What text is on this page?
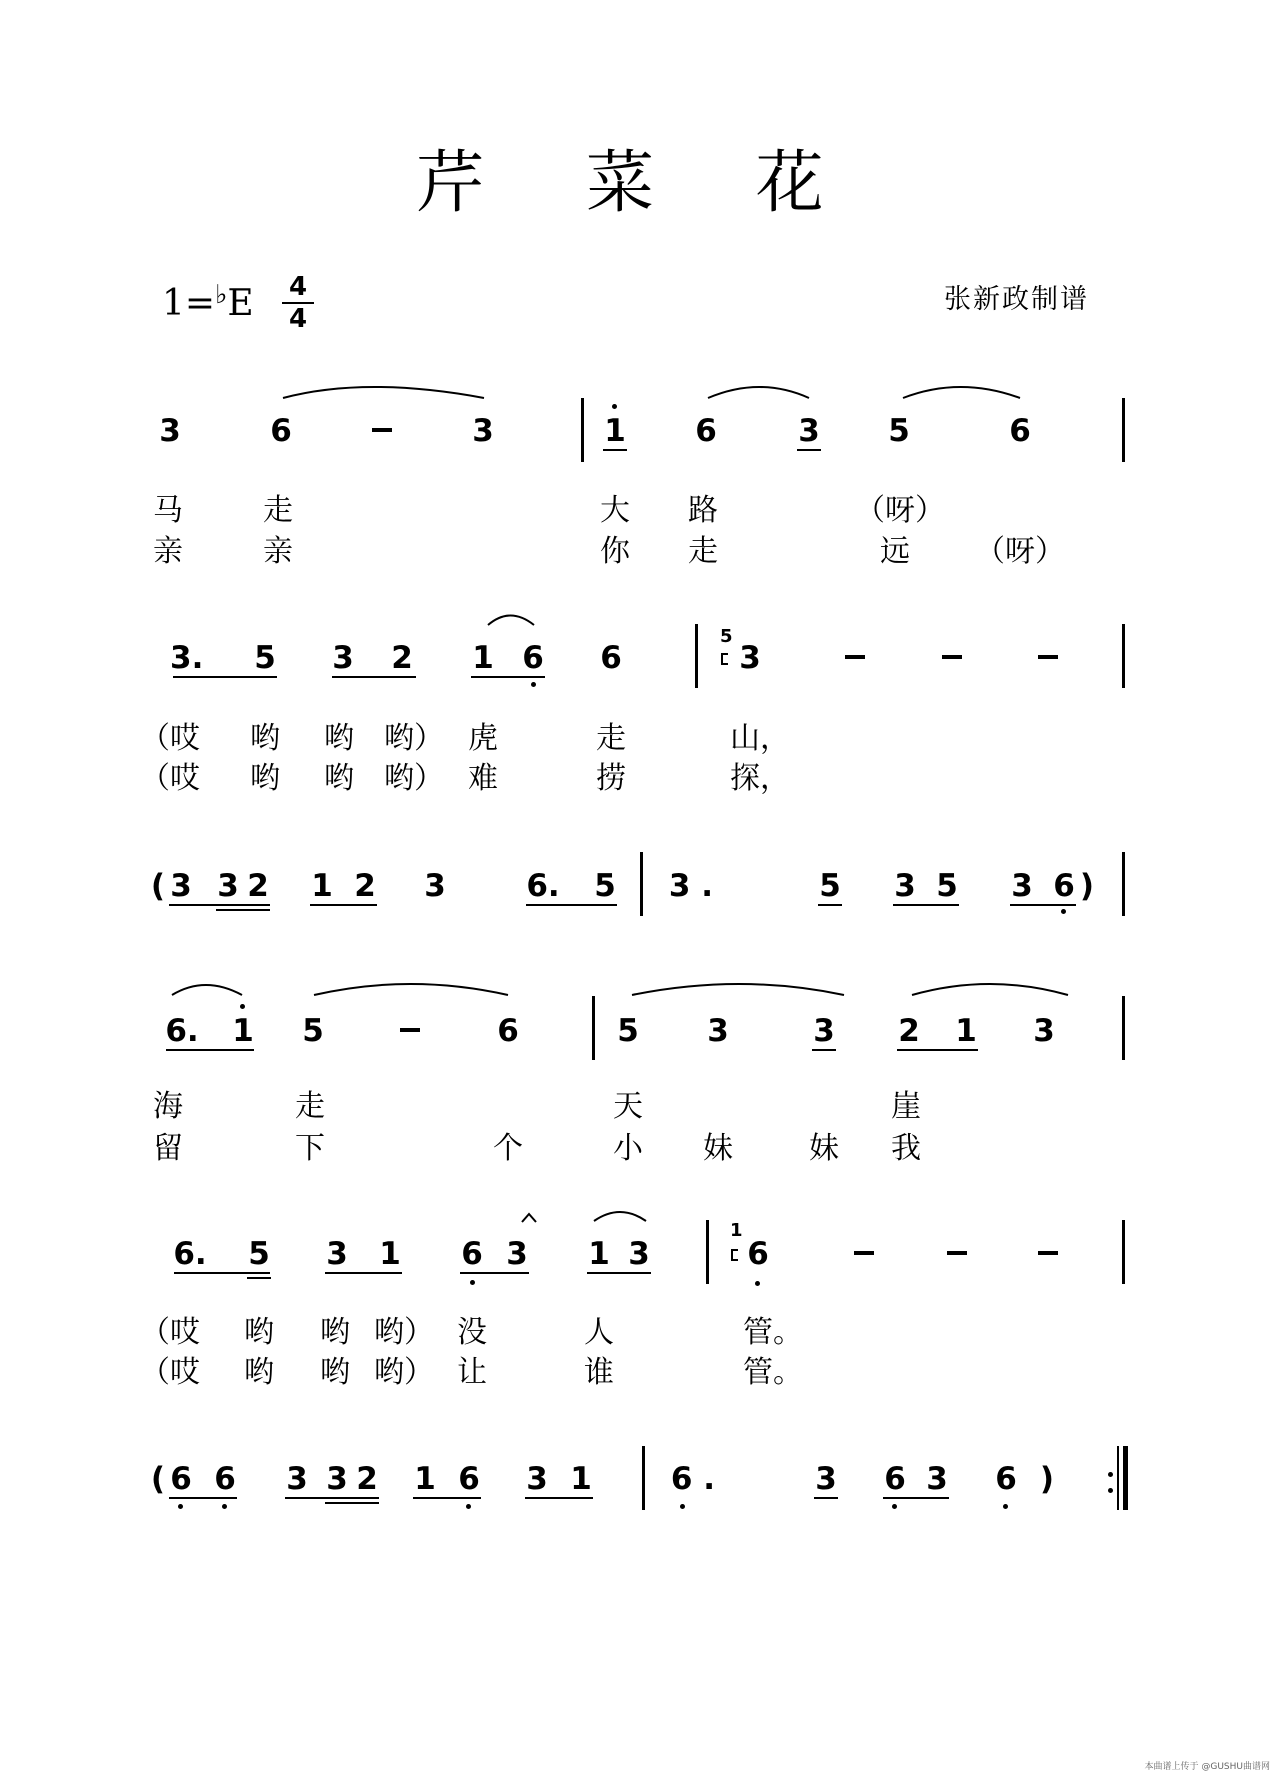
芹 菜 花
1=♭E 4
4
张新政制谱
3	6	3	1 6	3 5	6
马	走	大 路	（呀）
亲	亲	你 走	远 （呀）
3. 5 3 2 1 6 6
5
3
（哎 哟 哟 哟） 虎	走	山，
（哎 哟 哟 哟） 难	捞	探，
( 3 3 2 1 2 3	6. 5 3 .	5 3 5 3 6 )
6. 1 5	6	5 3	3 2 1 3
海	走	天	崖
留	下	个	小 妹	妹 我
6. 5 3 1 6 3 1 3
1
6
（哎 哟 哟 哟） 没	人	管。
（哎 哟 哟 哟） 让	谁	管。
( 6 6 3 3 2 1 6 3 1	6 .	3 6 3 6 )
本曲谱上传于 @GUSHU曲谱网
